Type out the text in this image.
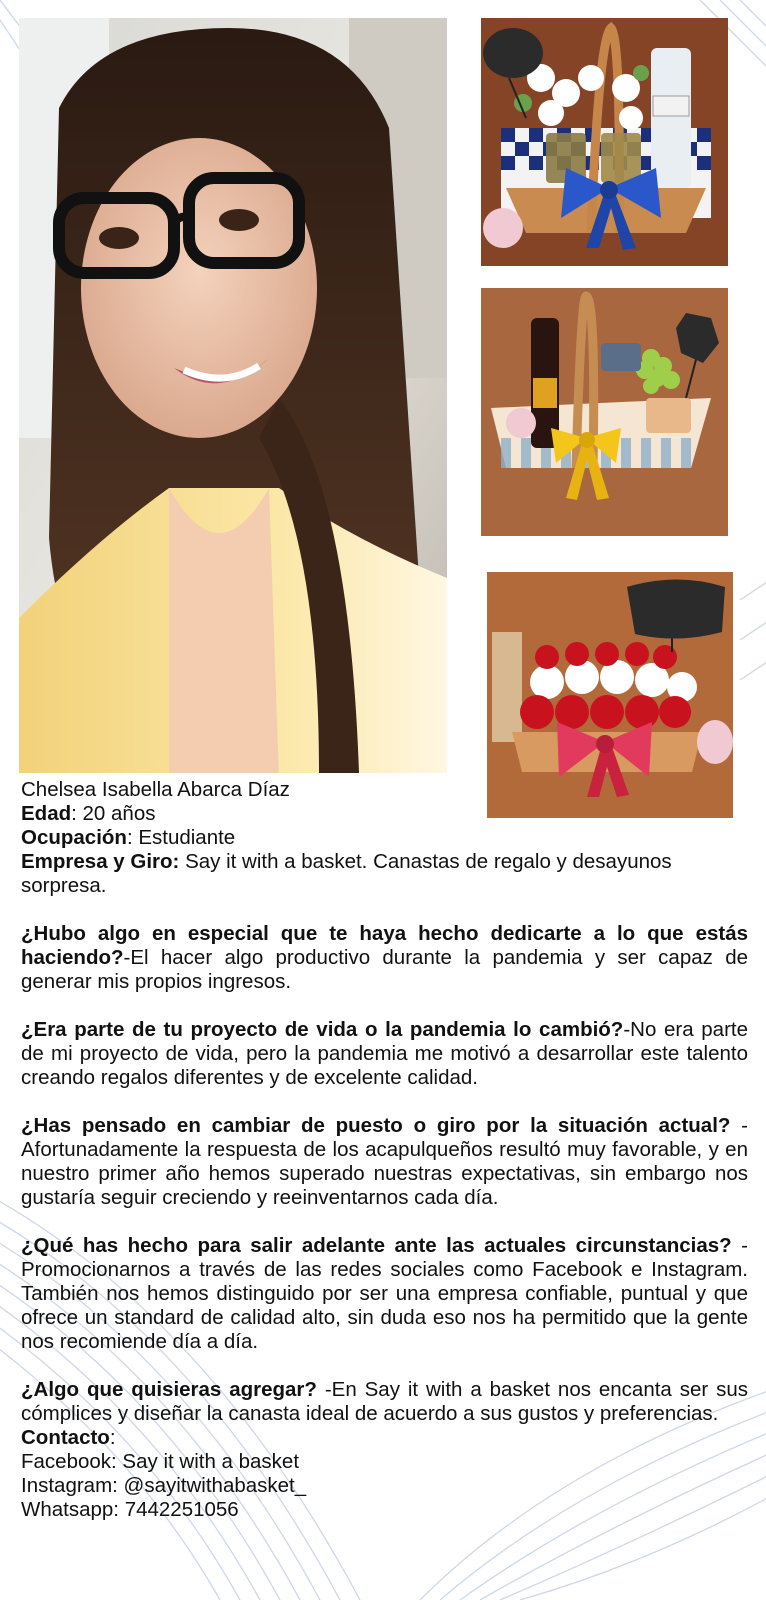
Chelsea Isabella Abarca Díaz

Edad: 20 años

Ocupación: Estudiante

Empresa y Giro: Say it with a basket. Canastas de regalo y desayunos sorpresa.

¿Hubo algo en especial que te haya hecho dedicarte a lo que estás haciendo?-El hacer algo productivo durante la pandemia y ser capaz de generar mis propios ingresos.

¿Era parte de tu proyecto de vida o la pandemia lo cambió?-No era parte de mi proyecto de vida, pero la pandemia me motivó a desarrollar este talento creando regalos diferentes y de excelente calidad.

¿Has pensado en cambiar de puesto o giro por la situación actual? -Afortunadamente la respuesta de los acapulqueños resultó muy favorable, y en nuestro primer año hemos superado nuestras expectativas, sin embargo nos gustaría seguir creciendo y reeinventarnos cada día.

¿Qué has hecho para salir adelante ante las actuales circunstancias? -Promocionarnos a través de las redes sociales como Facebook e Instagram. También nos hemos distinguido por ser una empresa confiable, puntual y que ofrece un standard de calidad alto, sin duda eso nos ha permitido que la gente nos recomiende día a día.

¿Algo que quisieras agregar? -En Say it with a basket nos encanta ser sus cómplices y diseñar la canasta ideal de acuerdo a sus gustos y preferencias.

Contacto:

Facebook: Say it with a basket

Instagram: @sayitwithabasket_

Whatsapp: 7442251056
